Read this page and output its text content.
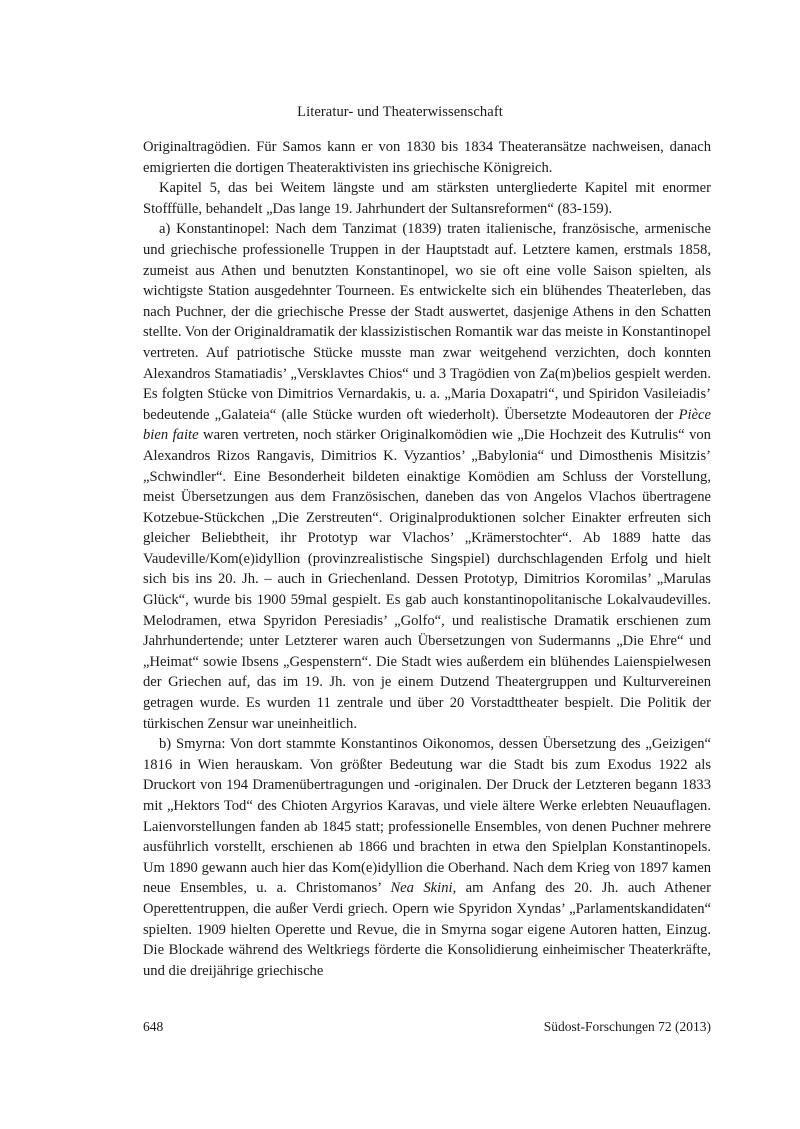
Literatur- und Theaterwissenschaft

Originaltragödien. Für Samos kann er von 1830 bis 1834 Theateransätze nachweisen, danach emigrierten die dortigen Theateraktivisten ins griechische Königreich.

Kapitel 5, das bei Weitem längste und am stärksten untergliederte Kapitel mit enormer Stofffülle, behandelt „Das lange 19. Jahrhundert der Sultansreformen“ (83-159).

a) Konstantinopel: Nach dem Tanzimat (1839) traten italienische, französische, armenische und griechische professionelle Truppen in der Hauptstadt auf. Letztere kamen, erstmals 1858, zumeist aus Athen und benutzten Konstantinopel, wo sie oft eine volle Saison spielten, als wichtigste Station ausgedehnter Tourneen. Es entwickelte sich ein blühendes Theaterleben, das nach Puchner, der die griechische Presse der Stadt auswertet, dasjenige Athens in den Schatten stellte. Von der Originaldramatik der klassizistischen Romantik war das meiste in Konstantinopel vertreten. Auf patriotische Stücke musste man zwar weitgehend verzichten, doch konnten Alexandros Stamatiadis’ „Versklavtes Chios“ und 3 Tragödien von Za(m)belios gespielt werden. Es folgten Stücke von Dimitrios Vernardakis, u. a. „Maria Doxapatri“, und Spiridon Vasileiadis’ bedeutende „Galateia“ (alle Stücke wurden oft wiederholt). Übersetzte Modeautoren der Pièce bien faite waren vertreten, noch stärker Originalkomödien wie „Die Hochzeit des Kutrulis“ von Alexandros Rizos Rangavis, Dimitrios K. Vyzantios’ „Babylonia“ und Dimosthenis Misitzis’ „Schwindler“. Eine Besonderheit bildeten einaktige Komödien am Schluss der Vorstellung, meist Übersetzungen aus dem Französischen, daneben das von Angelos Vlachos übertragene Kotzebue-Stückchen „Die Zerstreuten“. Originalproduktionen solcher Einakter erfreuten sich gleicher Beliebtheit, ihr Prototyp war Vlachos’ „Krämerstochter“. Ab 1889 hatte das Vaudeville/Kom(e)idyllion (provinzrealistische Singspiel) durchschlagenden Erfolg und hielt sich bis ins 20. Jh. – auch in Griechenland. Dessen Prototyp, Dimitrios Koromilas’ „Marulas Glück“, wurde bis 1900 59mal gespielt. Es gab auch konstantinopolitanische Lokalvaudevilles. Melodramen, etwa Spyridon Peresiadis’ „Golfo“, und realistische Dramatik erschienen zum Jahrhundertende; unter Letzterer waren auch Übersetzungen von Sudermanns „Die Ehre“ und „Heimat“ sowie Ibsens „Gespenstern“. Die Stadt wies außerdem ein blühendes Laienspielwesen der Griechen auf, das im 19. Jh. von je einem Dutzend Theatergruppen und Kulturvereinen getragen wurde. Es wurden 11 zentrale und über 20 Vorstadttheater bespielt. Die Politik der türkischen Zensur war uneinheitlich.

b) Smyrna: Von dort stammte Konstantinos Oikonomos, dessen Übersetzung des „Geizigen“ 1816 in Wien herauskam. Von größter Bedeutung war die Stadt bis zum Exodus 1922 als Druckort von 194 Dramenübertragungen und -originalen. Der Druck der Letzteren begann 1833 mit „Hektors Tod“ des Chioten Argyrios Karavas, und viele ältere Werke erlebten Neuauflagen. Laienvorstellungen fanden ab 1845 statt; professionelle Ensembles, von denen Puchner mehrere ausführlich vorstellt, erschienen ab 1866 und brachten in etwa den Spielplan Konstantinopels. Um 1890 gewann auch hier das Kom(e)idyllion die Oberhand. Nach dem Krieg von 1897 kamen neue Ensembles, u. a. Christomanos’ Nea Skini, am Anfang des 20. Jh. auch Athener Operettentruppen, die außer Verdi griech. Opern wie Spyridon Xyndas’ „Parlamentskandidaten“ spielten. 1909 hielten Operette und Revue, die in Smyrna sogar eigene Autoren hatten, Einzug. Die Blockade während des Weltkriegs förderte die Konsolidierung einheimischer Theaterkräfte, und die dreijährige griechische

648	Südost-Forschungen 72 (2013)
